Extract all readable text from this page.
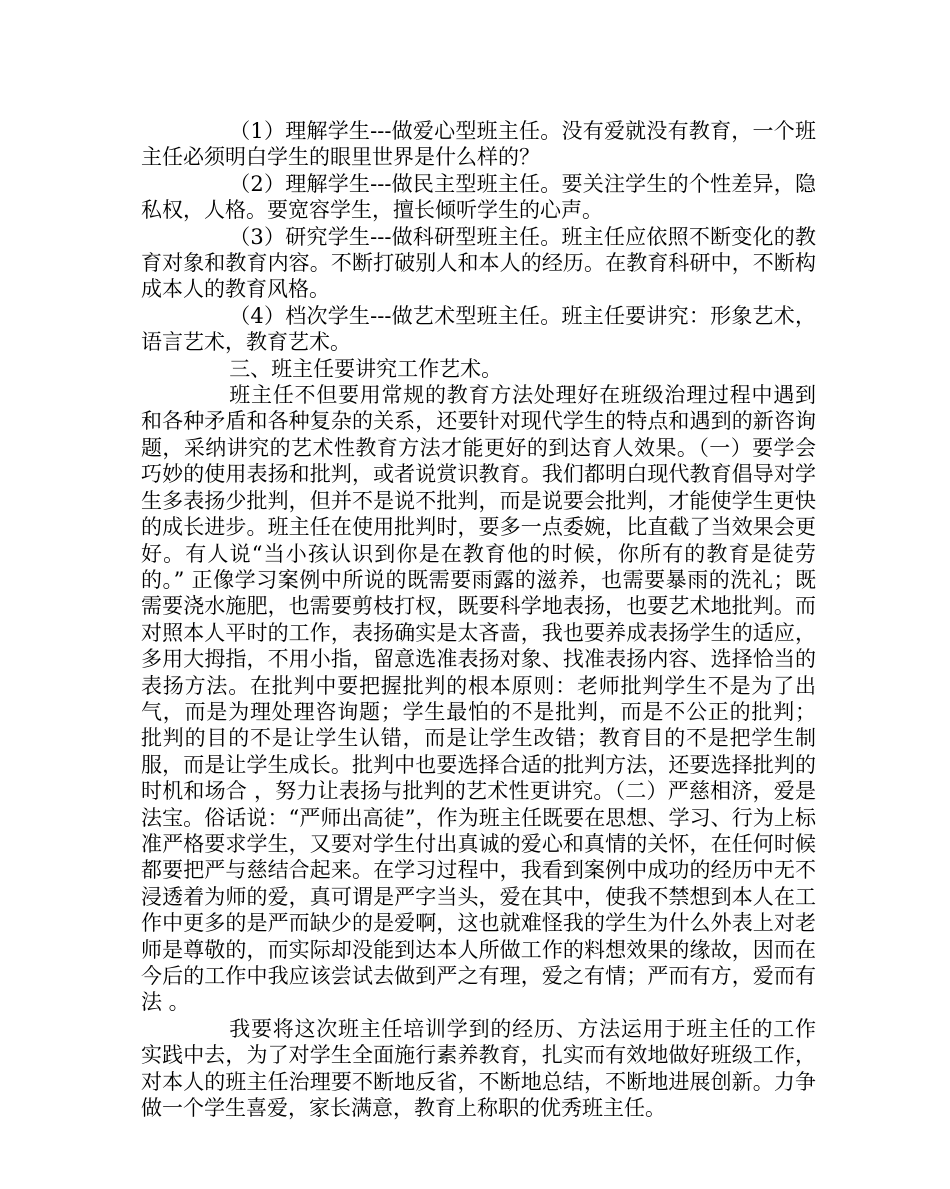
（1）理解学生---做爱心型班主任。没有爱就没有教育，一个班主任必须明白学生的眼里世界是什么样的？

（2）理解学生---做民主型班主任。要关注学生的个性差异，隐私权，人格。要宽容学生，擅长倾听学生的心声。

（3）研究学生---做科研型班主任。班主任应依照不断变化的教育对象和教育内容。不断打破别人和本人的经历。在教育科研中，不断构成本人的教育风格。

（4）档次学生---做艺术型班主任。班主任要讲究：形象艺术，语言艺术，教育艺术。

三、班主任要讲究工作艺术。

班主任不但要用常规的教育方法处理好在班级治理过程中遇到和各种矛盾和各种复杂的关系，还要针对现代学生的特点和遇到的新咨询题，采纳讲究的艺术性教育方法才能更好的到达育人效果。（一）要学会巧妙的使用表扬和批判，或者说赏识教育。我们都明白现代教育倡导对学生多表扬少批判，但并不是说不批判，而是说要会批判，才能使学生更快的成长进步。班主任在使用批判时，要多一点委婉，比直截了当效果会更好。有人说“当小孩认识到你是在教育他的时候，你所有的教育是徒劳的。” 正像学习案例中所说的既需要雨露的滋养，也需要暴雨的洗礼；既需要浇水施肥，也需要剪枝打杈，既要科学地表扬，也要艺术地批判。而对照本人平时的工作，表扬确实是太吝啬，我也要养成表扬学生的适应，多用大拇指，不用小指，留意选准表扬对象、找准表扬内容、选择恰当的表扬方法。在批判中要把握批判的根本原则：老师批判学生不是为了出气，而是为理处理咨询题；学生最怕的不是批判，而是不公正的批判； 批判的目的不是让学生认错，而是让学生改错；教育目的不是把学生制服，而是让学生成长。批判中也要选择合适的批判方法，还要选择批判的时机和场合 ，努力让表扬与批判的艺术性更讲究。（二）严慈相济，爱是法宝。俗话说：“严师出高徒”，作为班主任既要在思想、学习、行为上标准严格要求学生，又要对学生付出真诚的爱心和真情的关怀，在任何时候都要把严与慈结合起来。在学习过程中，我看到案例中成功的经历中无不浸透着为师的爱，真可谓是严字当头，爱在其中，使我不禁想到本人在工作中更多的是严而缺少的是爱啊，这也就难怪我的学生为什么外表上对老师是尊敬的，而实际却没能到达本人所做工作的料想效果的缘故，因而在今后的工作中我应该尝试去做到严之有理，爱之有情；严而有方，爱而有法 。

我要将这次班主任培训学到的经历、方法运用于班主任的工作实践中去，为了对学生全面施行素养教育，扎实而有效地做好班级工作，对本人的班主任治理要不断地反省，不断地总结，不断地进展创新。力争做一个学生喜爱，家长满意，教育上称职的优秀班主任。
